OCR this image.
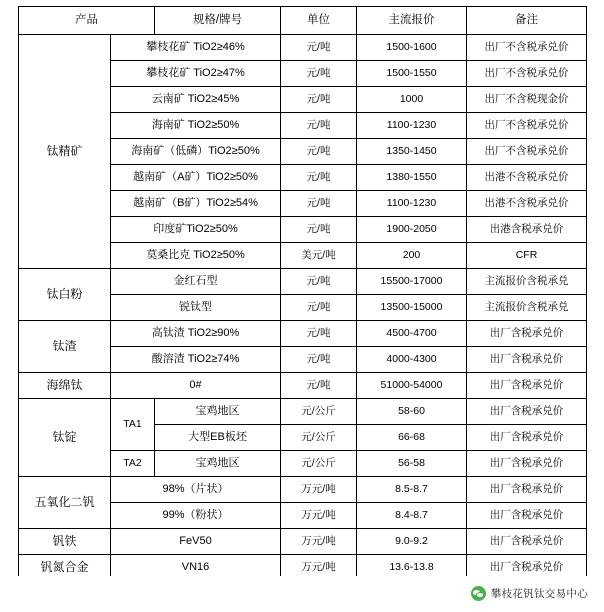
产品		规格/牌号	单位	主流报价	备注
钛精矿	攀枝花矿 TiO2≥46%		元/吨	1500-1600	出厂不含税承兑价
	攀枝花矿 TiO2≥47%		元/吨	1500-1550	出厂不含税承兑价
	云南矿 TiO2≥45%		元/吨	1000	出厂不含税现金价
	海南矿 TiO2≥50%		元/吨	1100-1230	出厂不含税承兑价
	海南矿（低磷）TiO2≥50%		元/吨	1350-1450	出厂不含税承兑价
	越南矿（A矿）TiO2≥50%		元/吨	1380-1550	出港不含税承兑价
	越南矿（B矿）TiO2≥54%		元/吨	1100-1230	出港不含税承兑价
	印度矿TiO2≥50%		元/吨	1900-2050	出港含税承兑价
	莫桑比克 TiO2≥50%		美元/吨	200	CFR
钛白粉	金红石型		元/吨	15500-17000	主流报价含税承兑
	锐钛型		元/吨	13500-15000	主流报价含税承兑
钛渣	高钛渣 TiO2≥90%		元/吨	4500-4700	出厂含税承兑价
	酸溶渣 TiO2≥74%		元/吨	4000-4300	出厂含税承兑价
海绵钛	0#		元/吨	51000-54000	出厂含税承兑价
钛锭	TA1	宝鸡地区	元/公斤	58-60	出厂含税承兑价
		大型EB板坯	元/公斤	66-68	出厂含税承兑价
	TA2	宝鸡地区	元/公斤	56-58	出厂含税承兑价
五氧化二钒	98%（片状）		万元/吨	8.5-8.7	出厂含税承兑价
	99%（粉状）		万元/吨	8.4-8.7	出厂含税承兑价
钒铁	FeV50		万元/吨	9.0-9.2	出厂含税承兑价
钒氮合金	VN16		万元/吨	13.6-13.8	出厂含税承兑价
攀枝花钒钛交易中心
